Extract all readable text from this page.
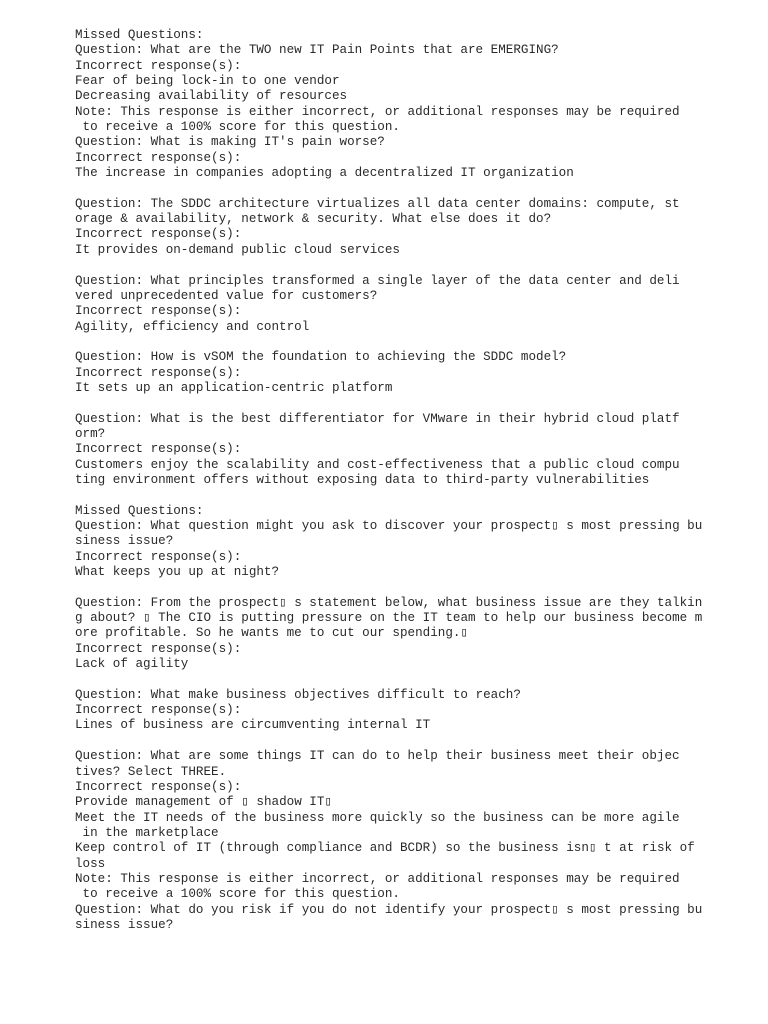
Missed Questions:
Question: What are the TWO new IT Pain Points that are EMERGING?
Incorrect response(s):
Fear of being lock-in to one vendor
Decreasing availability of resources
Note: This response is either incorrect, or additional responses may be required
to receive a 100% score for this question.
Question: What is making IT's pain worse?
Incorrect response(s):
The increase in companies adopting a decentralized IT organization
Question: The SDDC architecture virtualizes all data center domains: compute, st
orage & availability, network & security. What else does it do?
Incorrect response(s):
It provides on-demand public cloud services
Question: What principles transformed a single layer of the data center and deli
vered unprecedented value for customers?
Incorrect response(s):
Agility, efficiency and control
Question: How is vSOM the foundation to achieving the SDDC model?
Incorrect response(s):
It sets up an application-centric platform
Question: What is the best differentiator for VMware in their hybrid cloud platf
orm?
Incorrect response(s):
Customers enjoy the scalability and cost-effectiveness that a public cloud compu
ting environment offers without exposing data to third-party vulnerabilities
Missed Questions:
Question: What question might you ask to discover your prospect▯ s most pressing bu
siness issue?
Incorrect response(s):
What keeps you up at night?
Question: From the prospect▯ s statement below, what business issue are they talkin
g about? ▯ The CIO is putting pressure on the IT team to help our business become m
ore profitable. So he wants me to cut our spending.▯
Incorrect response(s):
Lack of agility
Question: What make business objectives difficult to reach?
Incorrect response(s):
Lines of business are circumventing internal IT
Question: What are some things IT can do to help their business meet their objec
tives? Select THREE.
Incorrect response(s):
Provide management of ▯ shadow IT▯
Meet the IT needs of the business more quickly so the business can be more agile
in the marketplace
Keep control of IT (through compliance and BCDR) so the business isn▯ t at risk of
loss
Note: This response is either incorrect, or additional responses may be required
to receive a 100% score for this question.
Question: What do you risk if you do not identify your prospect▯ s most pressing bu
siness issue?
